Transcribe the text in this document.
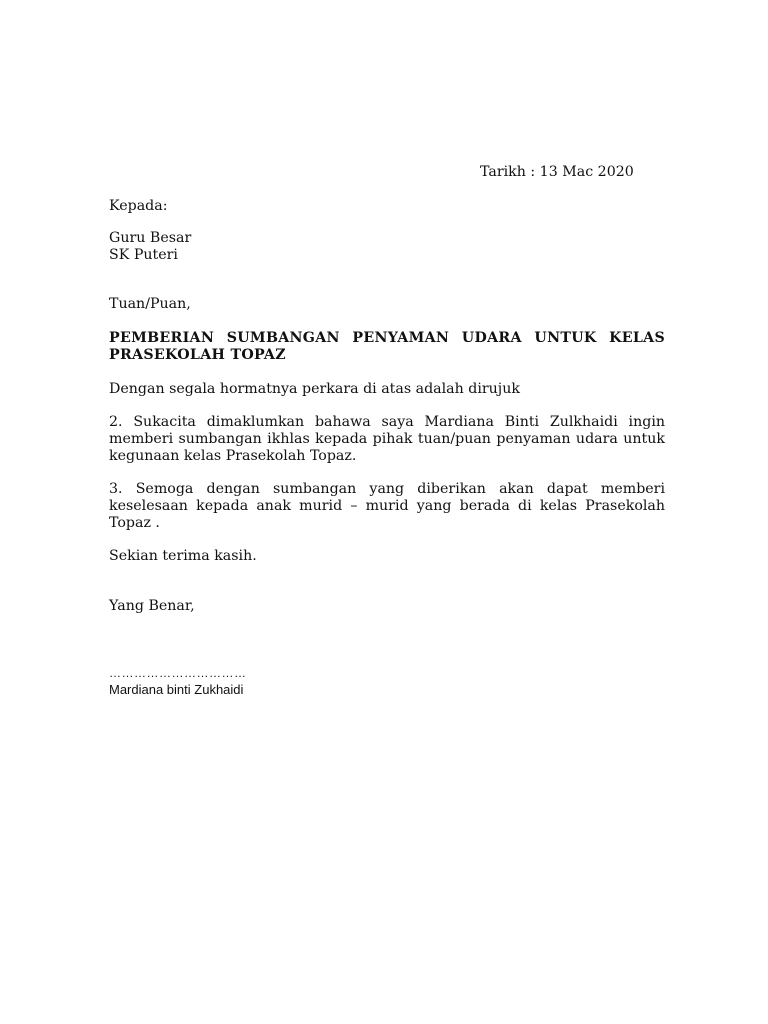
Tarikh : 13 Mac 2020
Kepada:
Guru Besar
SK Puteri
Tuan/Puan,
PEMBERIAN SUMBANGAN PENYAMAN UDARA UNTUK KELAS PRASEKOLAH TOPAZ
Dengan segala hormatnya perkara di atas adalah dirujuk
2. Sukacita dimaklumkan bahawa saya Mardiana Binti Zulkhaidi ingin memberi sumbangan ikhlas kepada pihak tuan/puan penyaman udara untuk kegunaan kelas Prasekolah Topaz.
3. Semoga dengan sumbangan yang diberikan akan dapat memberi keselesaan kepada anak murid – murid yang berada di kelas Prasekolah Topaz .
Sekian terima kasih.
Yang Benar,
……………………………
Mardiana binti Zukhaidi
